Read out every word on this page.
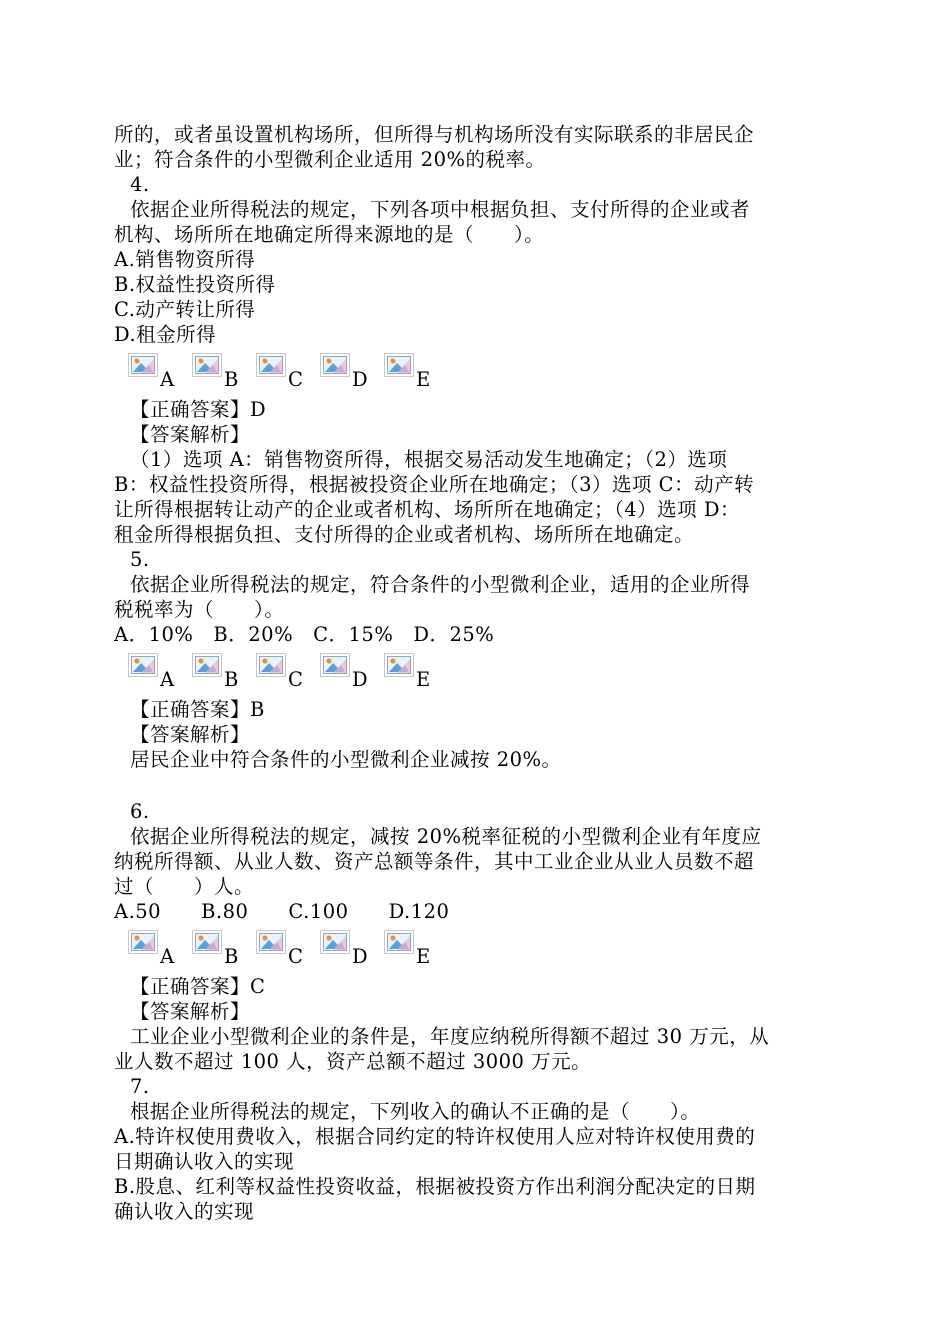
所的，或者虽设置机构场所，但所得与机构场所没有实际联系的非居民企
业；符合条件的小型微利企业适用 20%的税率。
4.
依据企业所得税法的规定，下列各项中根据负担、支付所得的企业或者
机构、场所所在地确定所得来源地的是（　　）。
A.销售物资所得
B.权益性投资所得
C.动产转让所得
D.租金所得
A	B	C	D	E
【正确答案】D
【答案解析】
（1）选项 A：销售物资所得，根据交易活动发生地确定；（2）选项
B：权益性投资所得，根据被投资企业所在地确定；（3）选项 C：动产转
让所得根据转让动产的企业或者机构、场所所在地确定；（4）选项 D：
租金所得根据负担、支付所得的企业或者机构、场所所在地确定。
5.
依据企业所得税法的规定，符合条件的小型微利企业，适用的企业所得
税税率为（　　）。
A．10%　B．20%　C．15%　D．25%
A	B	C	D	E
【正确答案】B
【答案解析】
居民企业中符合条件的小型微利企业减按 20%。
6.
依据企业所得税法的规定，减按 20%税率征税的小型微利企业有年度应
纳税所得额、从业人数、资产总额等条件，其中工业企业从业人员数不超
过（　　）人。
A.50　　B.80　　C.100　　D.120
A	B	C	D	E
【正确答案】C
【答案解析】
工业企业小型微利企业的条件是，年度应纳税所得额不超过 30 万元，从
业人数不超过 100 人，资产总额不超过 3000 万元。
7.
根据企业所得税法的规定，下列收入的确认不正确的是（　　）。
A.特许权使用费收入，根据合同约定的特许权使用人应对特许权使用费的
日期确认收入的实现
B.股息、红利等权益性投资收益，根据被投资方作出利润分配决定的日期
确认收入的实现
